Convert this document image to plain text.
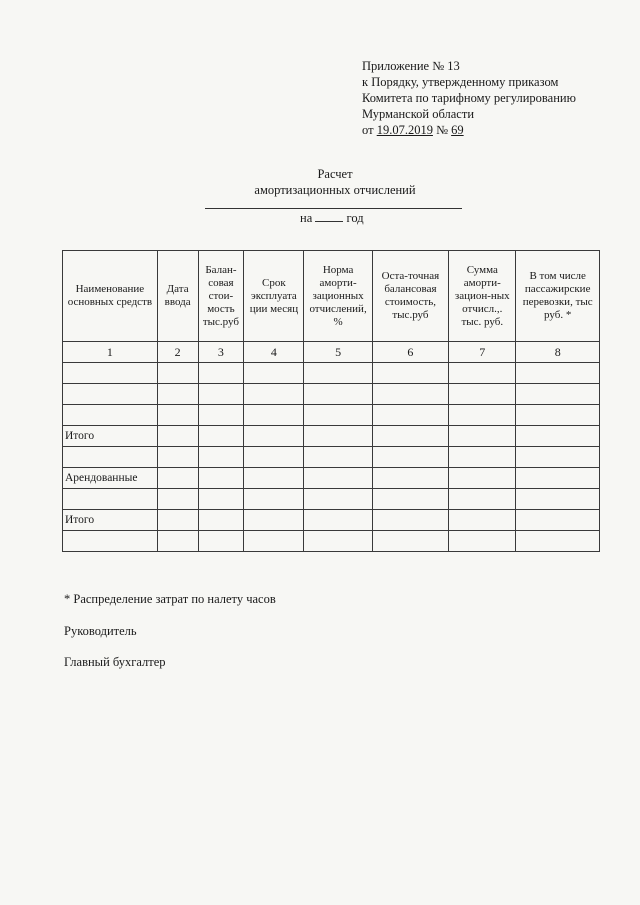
Приложение № 13
к Порядку, утвержденному приказом
Комитета по тарифному регулированию
Мурманской области
от 19.07.2019 № 69
Расчет
амортизационных отчислений
на	год
Наименование основных средств	Дата ввода	Балан-совая стои-мость тыс.руб	Срок эксплуата ции месяц	Норма аморти-зационных отчислений, %	Оста-точная балансовая стоимость, тыс.руб	Сумма аморти-зацион-ных отчисл.,. тыс. руб.	В том числе пассажирские перевозки, тыс руб. *
1	2	3	4	5	6	7	8

Итого							

Арендованные							

Итого							

* Распределение затрат по налету часов
Руководитель
Главный бухгалтер
